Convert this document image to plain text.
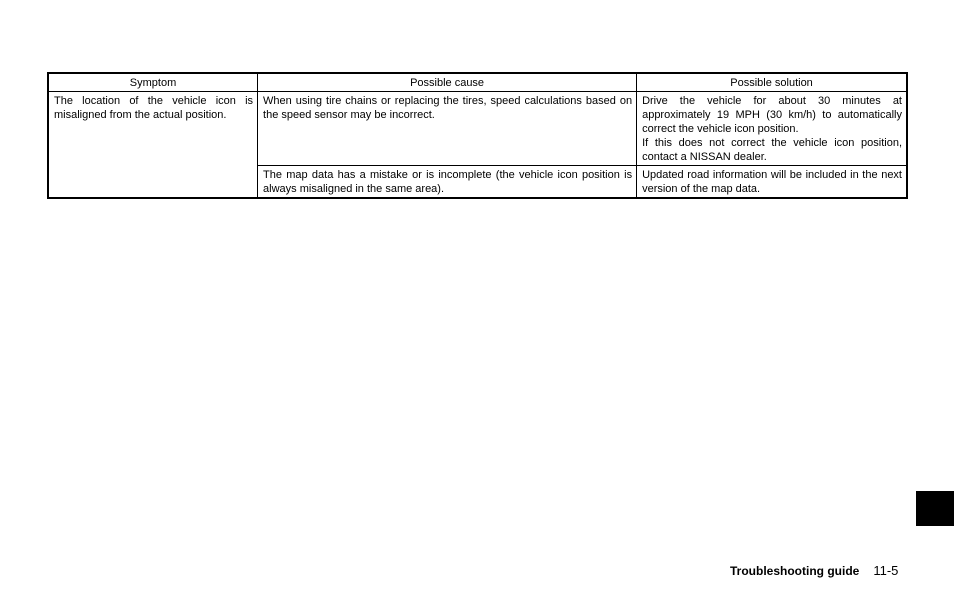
Symptom	Possible cause	Possible solution
The location of the vehicle icon is misaligned from the actual position.	When using tire chains or replacing the tires, speed calculations based on the speed sensor may be incorrect.	Drive the vehicle for about 30 minutes at approximately 19 MPH (30 km/h) to automatically correct the vehicle icon position.
If this does not correct the vehicle icon position, contact a NISSAN dealer.

	The map data has a mistake or is incomplete (the vehicle icon position is always misaligned in the same area).	Updated road information will be included in the next version of the map data.
Troubleshooting guide 11-5
